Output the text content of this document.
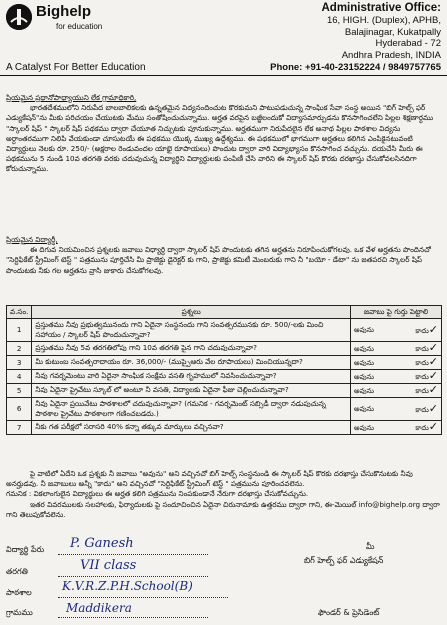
Bighelp
for education
A Catalyst For Better Education
Administrative Office:
16, HIGH. (Duplex), APHB,
Balajinagar, Kukatpally
Hyderabad - 72
Andhra Pradesh, INDIA
Phone: +91-40-23152224 / 9849757765

ప్రియమైన ప్రధానోపాధ్యాయుని లేక గ్రామాధికారి,

భారతదేశములోని నిరుపేద బాలబాలికలకు ఉన్నతమైన విద్యనందించుట కొరకుమని పాటుపడుచున్న సాంఘిక సేవా సంస్థ అయిన "బిగ్ హెల్ప్ ఫర్ ఎడ్యుకేషన్"ను మీకు పరిచయం చేయుటకు మేము సంతోషించుచున్నాము. అర్హత వరపైన బజ్జీలందుకో విద్యాసమార్పుడను కొనసాగించలేని పిల్లల శిక్షణార్థము "స్కాలర్ షిప్ " స్కాలర్ షిప్ పథకము ద్వారా చేయూత నిచ్చుటకు పూనుకున్నాము. అర్హతముగా నిరుపేదలైన లేక అనాథ పిల్లల పాఠశాల విద్యను అర్ధాంతరముగా నిలిపి వేయకుండా చూసుటయే ఈ పథకము యొక్క ముఖ్య ఉద్దేశ్యము. ఈ పథకములో భాగముగా అర్హతలు కలిగిన ఎంపికైనటువంటి విద్యార్థులు నెలకు రూ. 250/- (అక్షరాల రెండువందల యాభై రూపాయలు) పొందుట ద్వారా వారి విద్యాభ్యాసం కొనసాగించ వచ్చును. దయచేసి మీరు ఈ పథకమును 5 నుండి 10వ తరగతి వరకు చదువుచున్న విద్యార్థిని విద్యార్థులకు పంపిణీ చేసి వారిని ఈ స్కాలర్ షిప్ కొరకు దరఖాస్తు చేసుకోవలసినదిగా కోరుచున్నాము.

ప్రియమైన విద్యార్థీ,

ఈ దిగువ నియమించిన ప్రశ్నలకు జవాబు విధ్యార్థి ద్వారా స్కాలర్ షిప్ పొందుటకు తగిన అర్హతను నిరూపించుకోగలవు. ఒక వేళ అర్హతను పొందినచో "సెర్టిఫికేట్ స్ట్రీమింగ్ టెస్ట్ " పత్రమును పూర్తిచేసి మీ ప్రాజెక్టు డైరెక్టర్ కు గాని, ప్రాజెక్టు కమిటీ మెంబరుకు గాని నీ "బయో - డేటా" ను జతపరచి స్కాలర్ షిప్ పొందుటకు నీకు గల అర్హతను వ్రాసి జుకారు చేసుకోగలవు.

వ.సం.	ప్రశ్నలు	జవాబు పై గుర్తు పెట్టాలి
1	ప్రస్తుతము నీవు ప్రభుత్వమునందు గాని ఏదైనా సంస్థనందు గాని సంవత్సరమునకు రూ. 500/-లకు మించి సహాయం / స్కాలర్ షిప్ పొందుచున్నావా?	అవును కాదు✓

2	ప్రస్తుతము నీవు 5వ తరగతిలోపు గాని 10వ తరగతి పైన గాని చదువుచున్నావా?	అవును కాదు✓

3	మీ కుటుంబ సంవత్సరాదాయం రూ. 36,000/- (ముప్పైఆరు వేల రూపాయలు) మించియున్నదా?	అవును కాదు✓

4	నీవు గవర్నమెంటు వారి ఏదైనా సాంఘిక సంక్షేమ వసతి గృహములో నివసించుచున్నావా?	అవును కాదు✓

5	నీవు ఏదైనా ప్రైవేటు స్కూల్ లో అంటూ నీ వసతి, విద్యాలకు ఏదైనా ఫీజు చెల్లించుచున్నావా?	అవును కాదు✓

6	నీవు ఏదైనా ప్రయివేటు పాఠశాలలో చదువుచున్నావా? (గమనిక - గవర్నమెంట్ సబ్సిడీ ద్వారా నడుపుచున్న పాఠశాల ప్రైవేటు పాఠశాలగా గణించబడదు.)	అవును కాదు✓

7	నీకు గత పరీక్షలో సరాసరి 40% కన్నా తక్కువ మార్కులు వచ్చినవా?	అవును కాదు✓

పై వాటిలో ఏదేని ఒక ప్రశ్నకు నీ జవాబు "అవును" అని వచ్చినచో బిగ్ హెల్ప్ సంస్థనుండి ఈ స్కాలర్ షిప్ కొరకు దరఖాస్తు చేసుకొనుటకు నీవు అనర్హుడవు. నీ జవాబులు అన్నీ "కాదు" అని వచ్చినచో "సెర్టిఫికేట్ స్ట్రీమింగ్ టెస్ట్ " పత్రమును పూరించవలెను.

గమనిక : వికలాంగులైన విద్యార్థులు ఈ అర్హత కలిగి పత్రమును నింపకుండానే నేరుగా దరఖాస్తు చేసుకోవచ్చును.

ఇతర వివరములకు సలహాలకు, ఫిర్యాదులకు పై సందూచించిన ఏదైనా చిరునామాకు ఉత్తరము ద్వారా గాని, ఈ-మెయిల్ info@bighelp.org ద్వారా గాని తెలుపుకోవలెను.

విద్యార్థి పేరు P. Ganesh
తరగతి	VII class
పాఠశాల	K.V.R.Z.P.H.School(B)
గ్రామము	Maddikera
మీ
బిగ్ హెల్ప్ ఫర్ ఎడ్యుకేషన్
ఫౌండర్ & ప్రెసిడెంట్
